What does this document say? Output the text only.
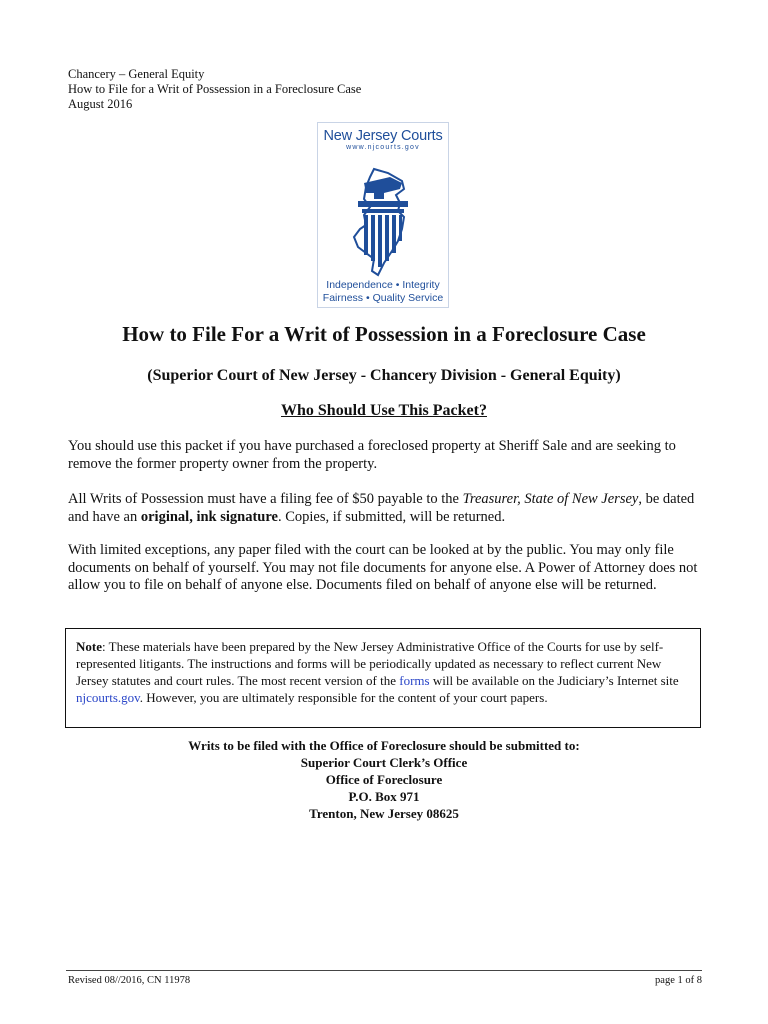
Chancery – General Equity
How to File for a Writ of Possession in a Foreclosure Case
August 2016
New Jersey Courts
www.njcourts.gov
Independence • Integrity
Fairness • Quality Service
How to File For a Writ of Possession in a Foreclosure Case
(Superior Court of New Jersey - Chancery Division - General Equity)
Who Should Use This Packet?
You should use this packet if you have purchased a foreclosed property at Sheriff Sale and are seeking to remove the former property owner from the property.
All Writs of Possession must have a filing fee of $50 payable to the Treasurer, State of New Jersey, be dated and have an original, ink signature. Copies, if submitted, will be returned.
With limited exceptions, any paper filed with the court can be looked at by the public. You may only file documents on behalf of yourself. You may not file documents for anyone else. A Power of Attorney does not allow you to file on behalf of anyone else. Documents filed on behalf of anyone else will be returned.
Note: These materials have been prepared by the New Jersey Administrative Office of the Courts for use by self-represented litigants. The instructions and forms will be periodically updated as necessary to reflect current New Jersey statutes and court rules. The most recent version of the forms will be available on the Judiciary’s Internet site njcourts.gov. However, you are ultimately responsible for the content of your court papers.
Writs to be filed with the Office of Foreclosure should be submitted to:
Superior Court Clerk’s Office
Office of Foreclosure
P.O. Box 971
Trenton, New Jersey 08625
Revised 08//2016, CN 11978	page 1 of 8
